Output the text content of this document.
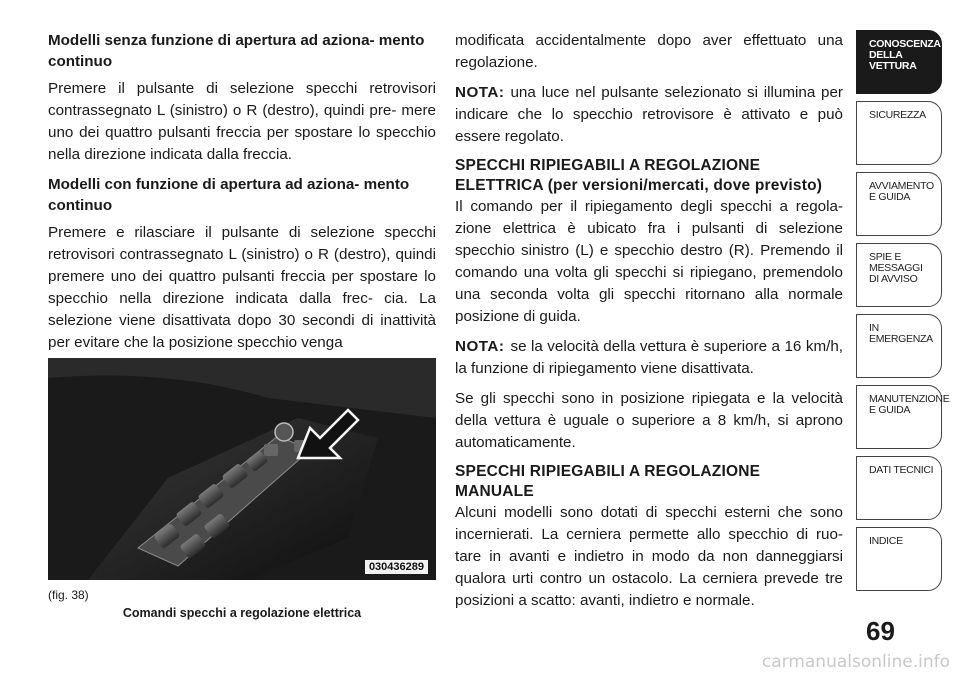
Modelli senza funzione di apertura ad aziona- mento continuo

Premere il pulsante di selezione specchi retrovisori contrassegnato L (sinistro) o R (destro), quindi pre- mere uno dei quattro pulsanti freccia per spostare lo specchio nella direzione indicata dalla freccia.

Modelli con funzione di apertura ad aziona- mento continuo

Premere e rilasciare il pulsante di selezione specchi retrovisori contrassegnato L (sinistro) o R (destro), quindi premere uno dei quattro pulsanti freccia per spostare lo specchio nella direzione indicata dalla frec- cia. La selezione viene disattivata dopo 30 secondi di inattività per evitare che la posizione specchio venga

030436289
(fig. 38)
Comandi specchi a regolazione elettrica

modificata accidentalmente dopo aver effettuato una regolazione.

NOTA: una luce nel pulsante selezionato si illumina per indicare che lo specchio retrovisore è attivato e può essere regolato.

SPECCHI RIPIEGABILI A REGOLAZIONE ELETTRICA (per versioni/mercati, dove previsto)

Il comando per il ripiegamento degli specchi a regola- zione elettrica è ubicato fra i pulsanti di selezione specchio sinistro (L) e specchio destro (R). Premendo il comando una volta gli specchi si ripiegano, premendolo una seconda volta gli specchi ritornano alla normale posizione di guida.

NOTA: se la velocità della vettura è superiore a 16 km/h, la funzione di ripiegamento viene disattivata.

Se gli specchi sono in posizione ripiegata e la velocità della vettura è uguale o superiore a 8 km/h, si aprono automaticamente.

SPECCHI RIPIEGABILI A REGOLAZIONE MANUALE

Alcuni modelli sono dotati di specchi esterni che sono incernierati. La cerniera permette allo specchio di ruo- tare in avanti e indietro in modo da non danneggiarsi qualora urti contro un ostacolo. La cerniera prevede tre posizioni a scatto: avanti, indietro e normale.

CONOSCENZA DELLA VETTURA
SICUREZZA
AVVIAMENTO E GUIDA
SPIE E MESSAGGI DI AVVISO
IN EMERGENZA
MANUTENZIONE E GUIDA
DATI TECNICI
INDICE
69
carmanualsonline.info
